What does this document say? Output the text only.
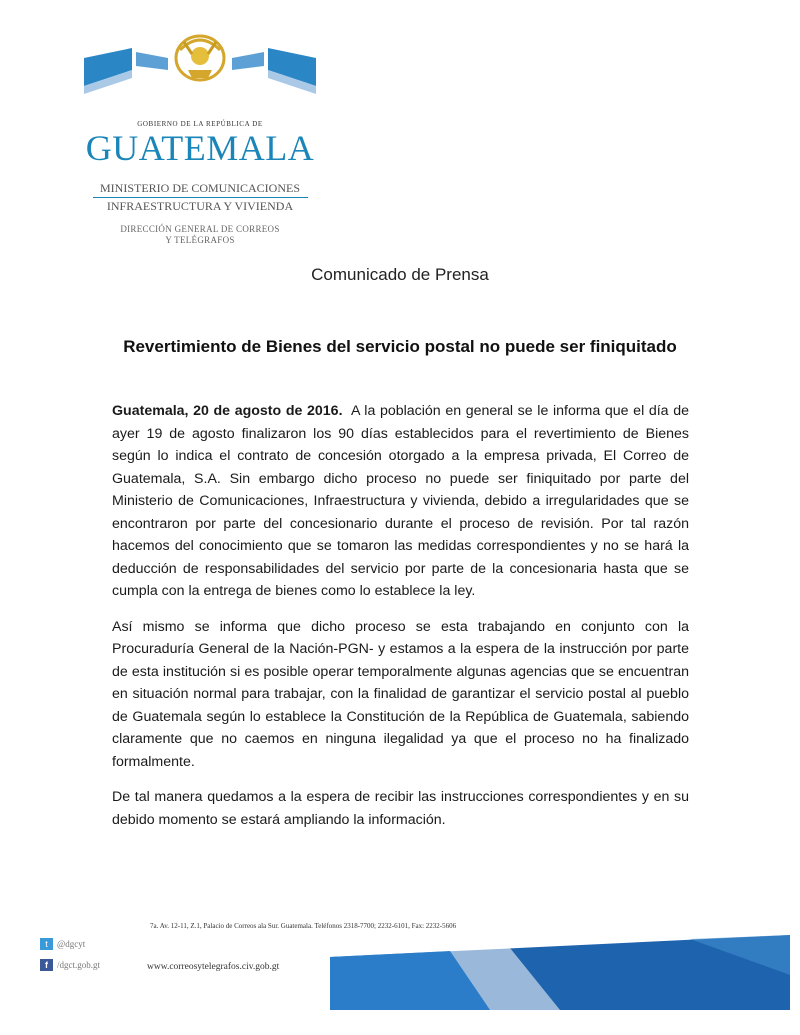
GOBIERNO DE LA REPÚBLICA DE
GUATEMALA
MINISTERIO DE COMUNICACIONES
INFRAESTRUCTURA Y VIVIENDA
DIRECCIÓN GENERAL DE CORREOS
Y TELÉGRAFOS
Comunicado de Prensa
Revertimiento de Bienes del servicio postal no puede ser finiquitado

Guatemala, 20 de agosto de 2016. A la población en general se le informa que el día de ayer 19 de agosto finalizaron los 90 días establecidos para el revertimiento de Bienes según lo indica el contrato de concesión otorgado a la empresa privada, El Correo de Guatemala, S.A. Sin embargo dicho proceso no puede ser finiquitado por parte del Ministerio de Comunicaciones, Infraestructura y vivienda, debido a irregularidades que se encontraron por parte del concesionario durante el proceso de revisión. Por tal razón hacemos del conocimiento que se tomaron las medidas correspondientes y no se hará la deducción de responsabilidades del servicio por parte de la concesionaria hasta que se cumpla con la entrega de bienes como lo establece la ley.

Así mismo se informa que dicho proceso se esta trabajando en conjunto con la Procuraduría General de la Nación-PGN- y estamos a la espera de la instrucción por parte de esta institución si es posible operar temporalmente algunas agencias que se encuentran en situación normal para trabajar, con la finalidad de garantizar el servicio postal al pueblo de Guatemala según lo establece la Constitución de la República de Guatemala, sabiendo claramente que no caemos en ninguna ilegalidad ya que el proceso no ha finalizado formalmente.

De tal manera quedamos a la espera de recibir las instrucciones correspondientes y en su debido momento se estará ampliando la información.

7a. Av. 12-11, Z.1, Palacio de Correos ala Sur. Guatemala. Teléfonos 2318-7700; 2232-6101, Fax: 2232-5606
t	@dgcyt
f	/dgct.gob.gt	www.correosytelegrafos.civ.gob.gt
